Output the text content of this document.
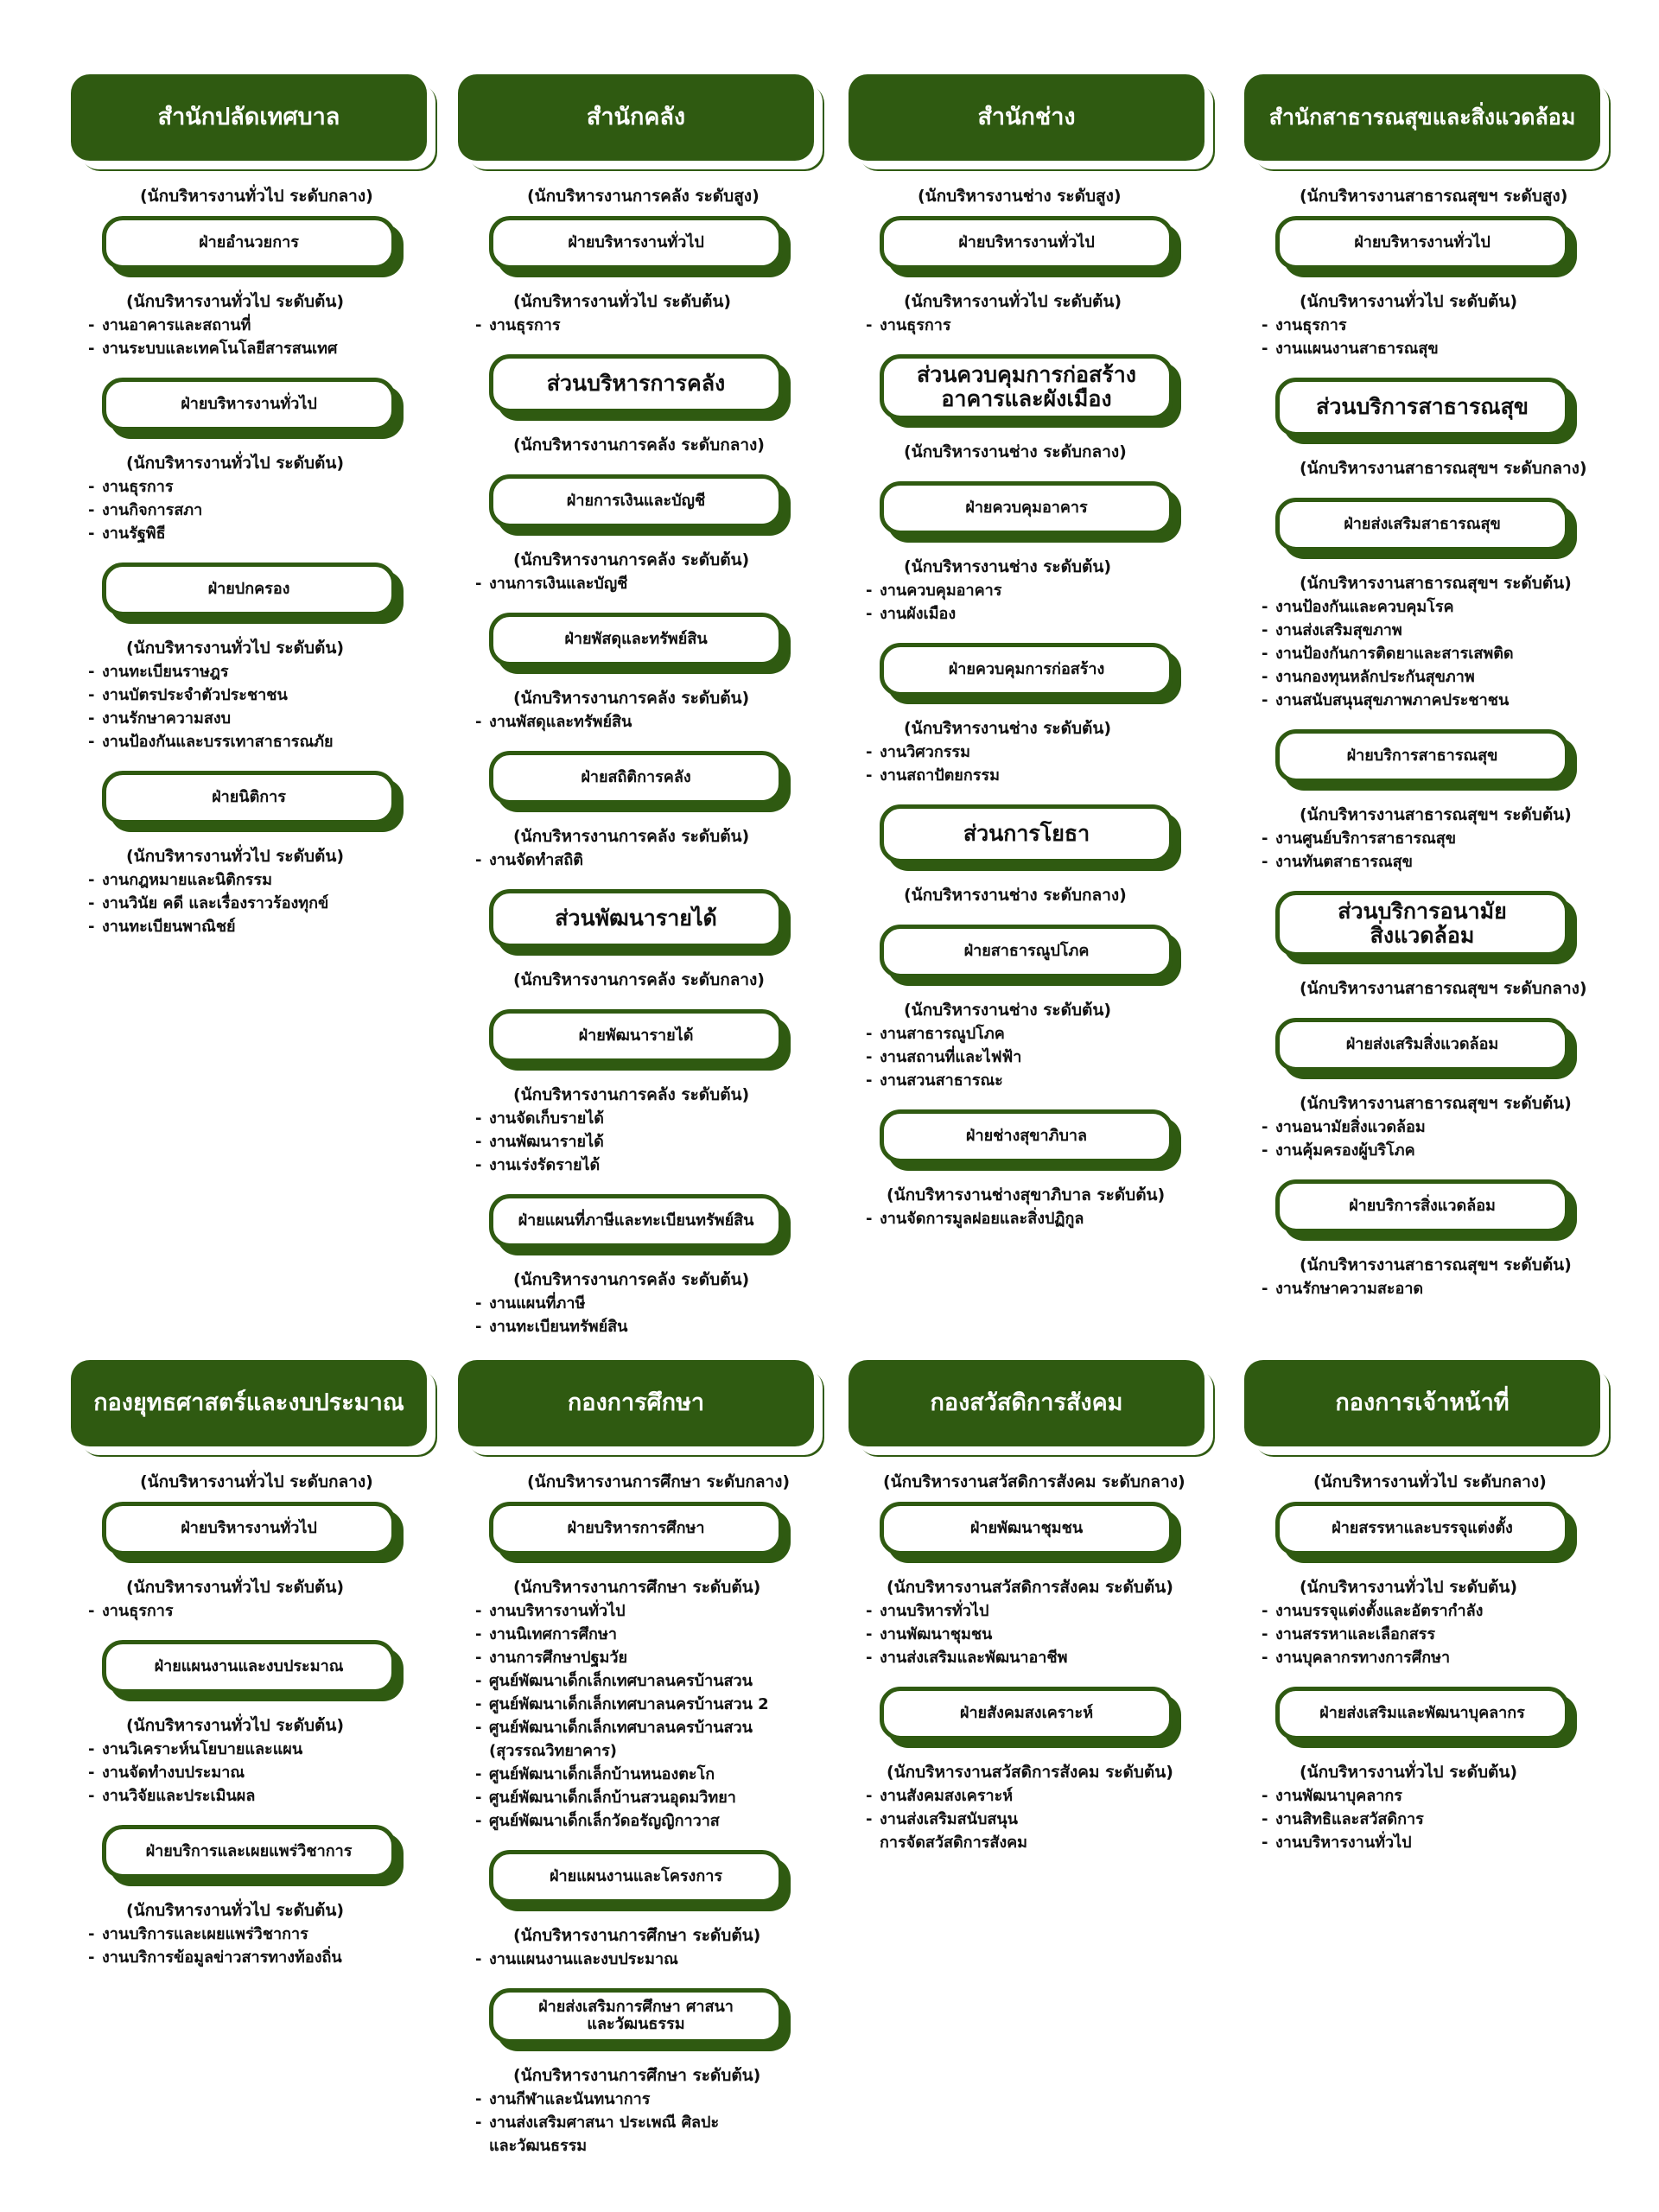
สำนักปลัดเทศบาล
(นักบริหารงานทั่วไป ระดับกลาง)
ฝ่ายอำนวยการ
(นักบริหารงานทั่วไป ระดับต้น)
- งานอาคารและสถานที่
- งานระบบและเทคโนโลยีสารสนเทศ
ฝ่ายบริหารงานทั่วไป
(นักบริหารงานทั่วไป ระดับต้น)
- งานธุรการ
- งานกิจการสภา
- งานรัฐพิธี
ฝ่ายปกครอง
(นักบริหารงานทั่วไป ระดับต้น)
- งานทะเบียนราษฎร
- งานบัตรประจำตัวประชาชน
- งานรักษาความสงบ
- งานป้องกันและบรรเทาสาธารณภัย
ฝ่ายนิติการ
(นักบริหารงานทั่วไป ระดับต้น)
- งานกฎหมายและนิติกรรม
- งานวินัย คดี และเรื่องราวร้องทุกข์
- งานทะเบียนพาณิชย์
สำนักคลัง
(นักบริหารงานการคลัง ระดับสูง)
ฝ่ายบริหารงานทั่วไป
(นักบริหารงานทั่วไป ระดับต้น)
- งานธุรการ
ส่วนบริหารการคลัง
(นักบริหารงานการคลัง ระดับกลาง)
ฝ่ายการเงินและบัญชี
(นักบริหารงานการคลัง ระดับต้น)
- งานการเงินและบัญชี
ฝ่ายพัสดุและทรัพย์สิน
(นักบริหารงานการคลัง ระดับต้น)
- งานพัสดุและทรัพย์สิน
ฝ่ายสถิติการคลัง
(นักบริหารงานการคลัง ระดับต้น)
- งานจัดทำสถิติ
ส่วนพัฒนารายได้
(นักบริหารงานการคลัง ระดับกลาง)
ฝ่ายพัฒนารายได้
(นักบริหารงานการคลัง ระดับต้น)
- งานจัดเก็บรายได้
- งานพัฒนารายได้
- งานเร่งรัดรายได้
ฝ่ายแผนที่ภาษีและทะเบียนทรัพย์สิน
(นักบริหารงานการคลัง ระดับต้น)
- งานแผนที่ภาษี
- งานทะเบียนทรัพย์สิน
สำนักช่าง
(นักบริหารงานช่าง ระดับสูง)
ฝ่ายบริหารงานทั่วไป
(นักบริหารงานทั่วไป ระดับต้น)
- งานธุรการ
ส่วนควบคุมการก่อสร้าง
อาคารและผังเมือง
(นักบริหารงานช่าง ระดับกลาง)
ฝ่ายควบคุมอาคาร
(นักบริหารงานช่าง ระดับต้น)
- งานควบคุมอาคาร
- งานผังเมือง
ฝ่ายควบคุมการก่อสร้าง
(นักบริหารงานช่าง ระดับต้น)
- งานวิศวกรรม
- งานสถาปัตยกรรม
ส่วนการโยธา
(นักบริหารงานช่าง ระดับกลาง)
ฝ่ายสาธารณูปโภค
(นักบริหารงานช่าง ระดับต้น)
- งานสาธารณูปโภค
- งานสถานที่และไฟฟ้า
- งานสวนสาธารณะ
ฝ่ายช่างสุขาภิบาล
(นักบริหารงานช่างสุขาภิบาล ระดับต้น)
- งานจัดการมูลฝอยและสิ่งปฏิกูล
สำนักสาธารณสุขและสิ่งแวดล้อม
(นักบริหารงานสาธารณสุขฯ ระดับสูง)
ฝ่ายบริหารงานทั่วไป
(นักบริหารงานทั่วไป ระดับต้น)
- งานธุรการ
- งานแผนงานสาธารณสุข
ส่วนบริการสาธารณสุข
(นักบริหารงานสาธารณสุขฯ ระดับกลาง)
ฝ่ายส่งเสริมสาธารณสุข
(นักบริหารงานสาธารณสุขฯ ระดับต้น)
- งานป้องกันและควบคุมโรค
- งานส่งเสริมสุขภาพ
- งานป้องกันการติดยาและสารเสพติด
- งานกองทุนหลักประกันสุขภาพ
- งานสนับสนุนสุขภาพภาคประชาชน
ฝ่ายบริการสาธารณสุข
(นักบริหารงานสาธารณสุขฯ ระดับต้น)
- งานศูนย์บริการสาธารณสุข
- งานทันตสาธารณสุข
ส่วนบริการอนามัย
สิ่งแวดล้อม
(นักบริหารงานสาธารณสุขฯ ระดับกลาง)
ฝ่ายส่งเสริมสิ่งแวดล้อม
(นักบริหารงานสาธารณสุขฯ ระดับต้น)
- งานอนามัยสิ่งแวดล้อม
- งานคุ้มครองผู้บริโภค
ฝ่ายบริการสิ่งแวดล้อม
(นักบริหารงานสาธารณสุขฯ ระดับต้น)
- งานรักษาความสะอาด
กองยุทธศาสตร์และงบประมาณ
(นักบริหารงานทั่วไป ระดับกลาง)
ฝ่ายบริหารงานทั่วไป
(นักบริหารงานทั่วไป ระดับต้น)
- งานธุรการ
ฝ่ายแผนงานและงบประมาณ
(นักบริหารงานทั่วไป ระดับต้น)
- งานวิเคราะห์นโยบายและแผน
- งานจัดทำงบประมาณ
- งานวิจัยและประเมินผล
ฝ่ายบริการและเผยแพร่วิชาการ
(นักบริหารงานทั่วไป ระดับต้น)
- งานบริการและเผยแพร่วิชาการ
- งานบริการข้อมูลข่าวสารทางท้องถิ่น
กองการศึกษา
(นักบริหารงานการศึกษา ระดับกลาง)
ฝ่ายบริหารการศึกษา
(นักบริหารงานการศึกษา ระดับต้น)
- งานบริหารงานทั่วไป
- งานนิเทศการศึกษา
- งานการศึกษาปฐมวัย
- ศูนย์พัฒนาเด็กเล็กเทศบาลนครบ้านสวน
- ศูนย์พัฒนาเด็กเล็กเทศบาลนครบ้านสวน 2
- ศูนย์พัฒนาเด็กเล็กเทศบาลนครบ้านสวน
(สุวรรณวิทยาคาร)
- ศูนย์พัฒนาเด็กเล็กบ้านหนองตะโก
- ศูนย์พัฒนาเด็กเล็กบ้านสวนอุดมวิทยา
- ศูนย์พัฒนาเด็กเล็กวัดอรัญญิกาวาส
ฝ่ายแผนงานและโครงการ
(นักบริหารงานการศึกษา ระดับต้น)
- งานแผนงานและงบประมาณ
ฝ่ายส่งเสริมการศึกษา ศาสนา
และวัฒนธรรม
(นักบริหารงานการศึกษา ระดับต้น)
- งานกีฬาและนันทนาการ
- งานส่งเสริมศาสนา ประเพณี ศิลปะ
และวัฒนธรรม
กองสวัสดิการสังคม
(นักบริหารงานสวัสดิการสังคม ระดับกลาง)
ฝ่ายพัฒนาชุมชน
(นักบริหารงานสวัสดิการสังคม ระดับต้น)
- งานบริหารทั่วไป
- งานพัฒนาชุมชน
- งานส่งเสริมและพัฒนาอาชีพ
ฝ่ายสังคมสงเคราะห์
(นักบริหารงานสวัสดิการสังคม ระดับต้น)
- งานสังคมสงเคราะห์
- งานส่งเสริมสนับสนุน
การจัดสวัสดิการสังคม
กองการเจ้าหน้าที่
(นักบริหารงานทั่วไป ระดับกลาง)
ฝ่ายสรรหาและบรรจุแต่งตั้ง
(นักบริหารงานทั่วไป ระดับต้น)
- งานบรรจุแต่งตั้งและอัตรากำลัง
- งานสรรหาและเลือกสรร
- งานบุคลากรทางการศึกษา
ฝ่ายส่งเสริมและพัฒนาบุคลากร
(นักบริหารงานทั่วไป ระดับต้น)
- งานพัฒนาบุคลากร
- งานสิทธิและสวัสดิการ
- งานบริหารงานทั่วไป
